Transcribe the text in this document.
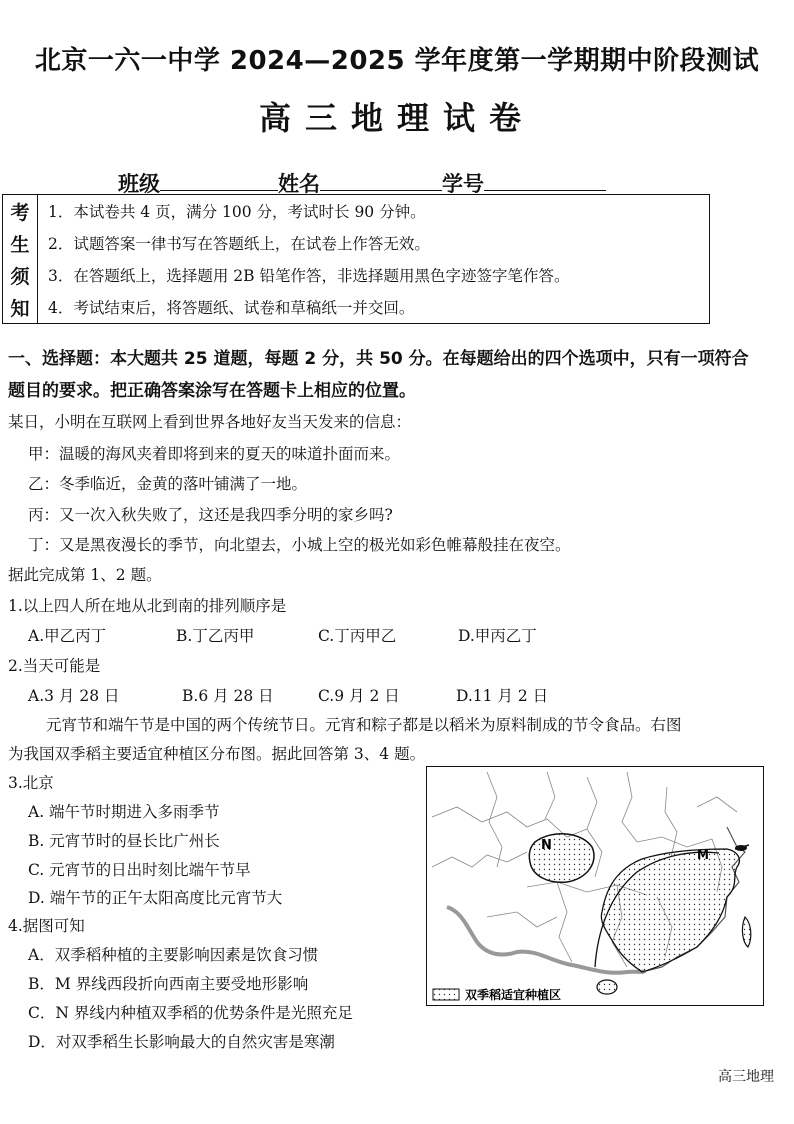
北京一六一中学 2024—2025 学年度第一学期期中阶段测试
高三地理试卷
班级	姓名	学号
考
生
须
知
1．本试卷共 4 页，满分 100 分，考试时长 90 分钟。
2．试题答案一律书写在答题纸上，在试卷上作答无效。
3．在答题纸上，选择题用 2B 铅笔作答，非选择题用黑色字迹签字笔作答。
4．考试结束后，将答题纸、试卷和草稿纸一并交回。
一、选择题：本大题共 25 道题，每题 2 分，共 50 分。在每题给出的四个选项中，只有一项符合
题目的要求。把正确答案涂写在答题卡上相应的位置。
某日，小明在互联网上看到世界各地好友当天发来的信息：
甲：温暖的海风夹着即将到来的夏天的味道扑面而来。
乙：冬季临近，金黄的落叶铺满了一地。
丙：又一次入秋失败了，这还是我四季分明的家乡吗?
丁：又是黑夜漫长的季节，向北望去，小城上空的极光如彩色帷幕般挂在夜空。
据此完成第 1、2 题。
1.以上四人所在地从北到南的排列顺序是
A.甲乙丙丁	B.丁乙丙甲	C.丁丙甲乙	D.甲丙乙丁
2.当天可能是
A.3 月 28 日	B.6 月 28 日	C.9 月 2 日	D.11 月 2 日
元宵节和端午节是中国的两个传统节日。元宵和粽子都是以稻米为原料制成的节令食品。右图
为我国双季稻主要适宜种植区分布图。据此回答第 3、4 题。
3.北京
A. 端午节时期进入多雨季节
B. 元宵节时的昼长比广州长
C. 元宵节的日出时刻比端午节早
D. 端午节的正午太阳高度比元宵节大
4.据图可知
A．双季稻种植的主要影响因素是饮食习惯
B．M 界线西段折向西南主要受地形影响
C．N 界线内种植双季稻的优势条件是光照充足
D．对双季稻生长影响最大的自然灾害是寒潮
N
M
双季稻适宜种植区
高三地理
